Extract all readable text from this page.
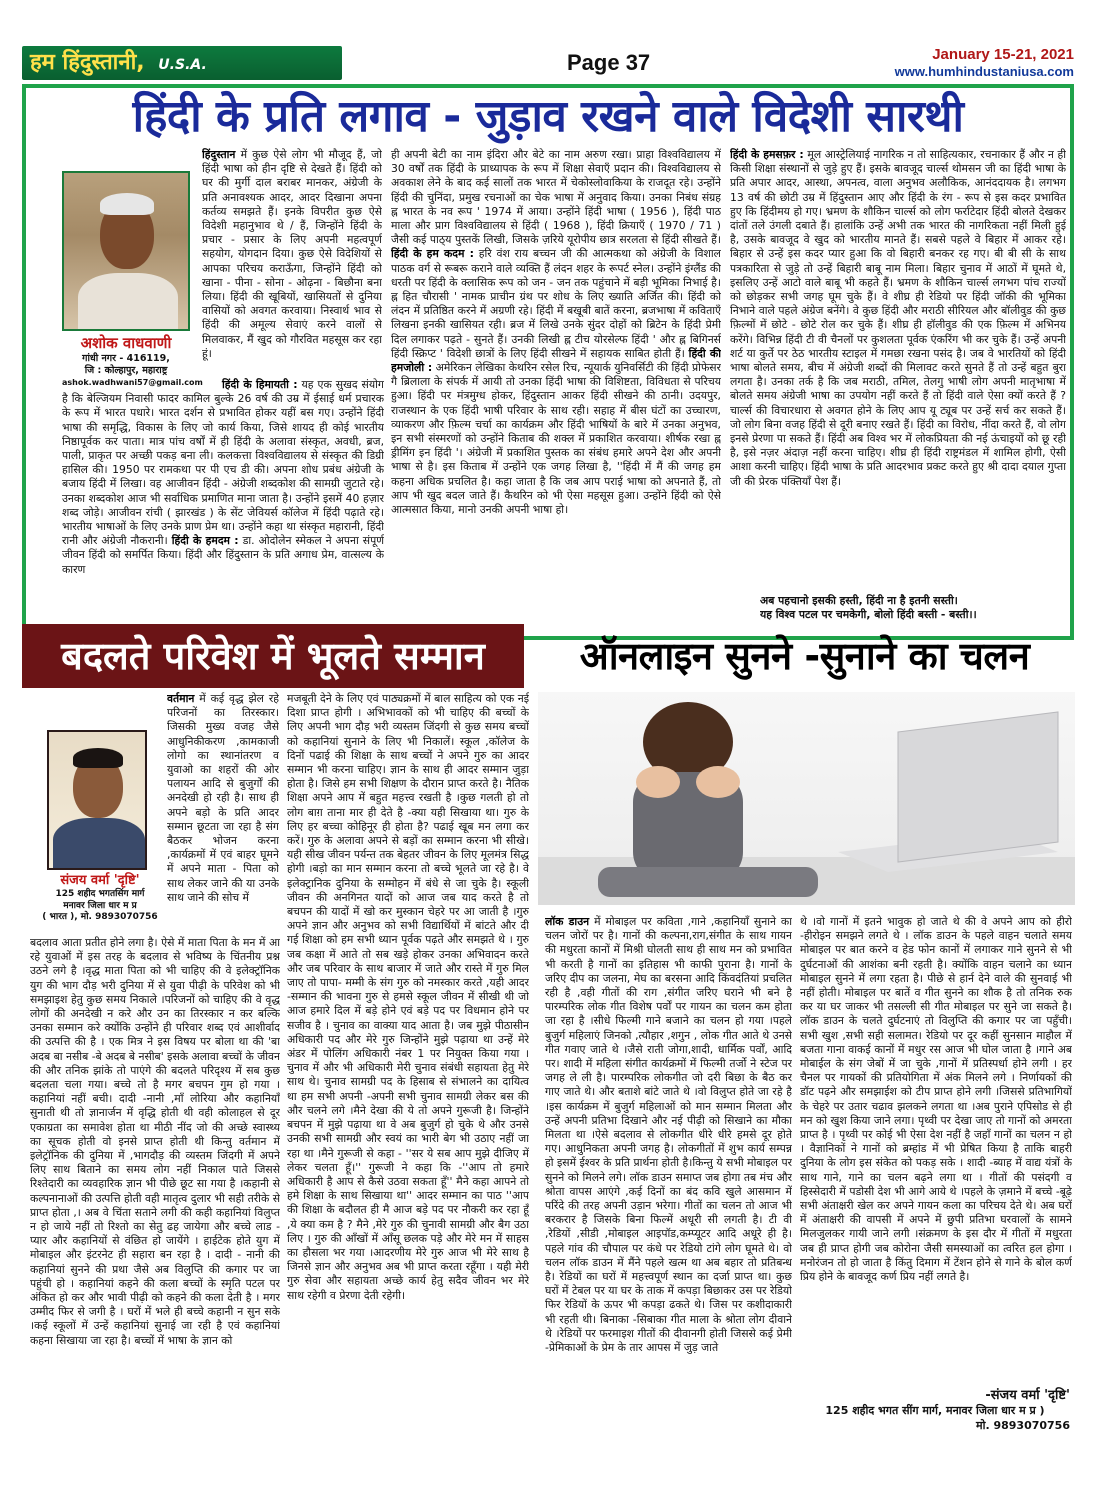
हम हिंदुस्तानी, U.S.A.	Page 37	January 15-21, 2021
www.humhindustaniusa.com
हिंदी के प्रति लगाव - जुड़ाव रखने वाले विदेशी सारथी
अशोक वाधवाणी
गांधी नगर - 416119,
जि : कोल्हापुर, महाराष्ट्र
ashok.wadhwani57@gmail.com
हिंदुस्तान में कुछ ऐसे लोग भी मौजूद हैं, जो हिंदी भाषा को हीन दृष्टि से देखते हैं। हिंदी को घर की मुर्गी दाल बराबर मानकर, अंग्रेजी के प्रति अनावश्यक आदर, आदर दिखाना अपना कर्तव्य समझते हैं। इनके विपरीत कुछ ऐसे विदेशी महानुभाव थे / हैं, जिन्होंने हिंदी के प्रचार - प्रसार के लिए अपनी महत्वपूर्ण सहयोग, योगदान दिया। कुछ ऐसे विदेशियों से आपका परिचय कराऊँगा, जिन्होंने हिंदी को खाना - पीना - सोना - ओढ़ना - बिछौना बना लिया। हिंदी की खूबियों, खासियतों से दुनिया वासियों को अवगत करवाया। निस्वार्थ भाव से हिंदी की अमूल्य सेवाएं करने वालों से मिलवाकर, मैं खुद को गौरवित महसूस कर रहा हूं।
हिंदी के हिमायती : यह एक सुखद संयोग है कि बेल्जियम निवासी फादर कामिल बुल्के 26 वर्ष की उम्र में ईसाई धर्म प्रचारक के रूप में भारत पधारे। भारत दर्शन से प्रभावित होकर यहीं बस गए। उन्होंने हिंदी भाषा की समृद्धि, विकास के लिए जो कार्य किया, जिसे शायद ही कोई भारतीय निष्ठापूर्वक कर पाता। मात्र पांच वर्षों में ही हिंदी के अलावा संस्कृत, अवधी, ब्रज, पाली, प्राकृत पर अच्छी पकड़ बना ली। कलकत्ता विश्वविद्यालय से संस्कृत की डिग्री हासिल की। 1950 पर रामकथा पर पी एच डी की। अपना शोध प्रबंध अंग्रेजी के बजाय हिंदी में लिखा। वह आजीवन हिंदी - अंग्रेजी शब्दकोश की सामग्री जुटाते रहे। उनका शब्दकोश आज भी सर्वाधिक प्रमाणित माना जाता है। उन्होंने इसमें 40 हज़ार शब्द जोड़े। आजीवन रांची ( झारखंड ) के सेंट जेवियर्स कॉलेज में हिंदी पढ़ाते रहे। भारतीय भाषाओं के लिए उनके प्राण प्रेम था। उन्होंने कहा था संस्कृत महारानी, हिंदी रानी और अंग्रेजी नौकरानी। हिंदी के हमदम : डा. ओदोलेन स्मेकल ने अपना संपूर्ण जीवन हिंदी को समर्पित किया। हिंदी और हिंदुस्तान के प्रति अगाध प्रेम, वात्सल्य के कारण
ही अपनी बेटी का नाम इंदिरा और बेटे का नाम अरुण रखा। प्राहा विश्वविद्यालय में 30 वर्षों तक हिंदी के प्राध्यापक के रूप में शिक्षा सेवाएँ प्रदान की। विश्वविद्यालय से अवकाश लेने के बाद कई सालों तक भारत में चेकोस्लोवाकिया के राजदूत रहे। उन्होंने हिंदी की चुनिंदा, प्रमुख रचनाओं का चेक भाषा में अनुवाद किया। उनका निबंध संग्रह ह्न भारत के नव रूप ' 1974 में आया। उन्होंने हिंदी भाषा ( 1956 ), हिंदी पाठ माला और प्राग विश्वविद्यालय से हिंदी ( 1968 ), हिंदी क्रियाएँ ( 1970 / 71 ) जैसी कई पाठ्‍य पुस्तकें लिखी, जिसके ज़रिये यूरोपीय छात्र सरलता से हिंदी सीखते हैं। हिंदी के हम कदम : हरि वंश राय बच्चन जी की आत्मकथा को अंग्रेजी के विशाल पाठक वर्ग से रूबरू कराने वाले व्यक्ति हैं लंदन शहर के रूपर्ट स्नेल। उन्होंने इंग्लैंड की धरती पर हिंदी के क्लासिक रूप को जन - जन तक पहुंचाने में बड़ी भूमिका निभाई है। ह्न हित चौरासी ' नामक प्राचीन ग्रंथ पर शोध के लिए ख्याति अर्जित की। हिंदी को लंदन में प्रतिष्ठित करने में अग्रणी रहे। हिंदी में बखूबी बातें करना, ब्रजभाषा में कविताएँ लिखना इनकी खासियत रही। ब्रज में लिखे उनके सुंदर दोहों को ब्रिटेन के हिंदी प्रेमी दिल लगाकर पढ़ते - सुनते हैं। उनकी लिखी ह्न टीच योरसेल्फ हिंदी ' और ह्न बिगिनर्स हिंदी स्क्रिप्ट ' विदेशी छात्रों के लिए हिंदी सीखने में सहायक साबित होती हैं। हिंदी की हमजोली : अमेरिकन लेखिका केथरिन रसेल रिच, न्यूयार्क युनिवर्सिटी की हिंदी प्रोफेसर गै ब्रिलाला के संपर्क में आयी तो उनका हिंदी भाषा की विशिष्टता, विविधता से परिचय हुआ। हिंदी पर मंत्रमुग्ध होकर, हिंदुस्तान आकर हिंदी सीखने की ठानी। उदयपुर, राजस्थान के एक हिंदी भाषी परिवार के साथ रही। सहाह में बीस घंटों का उच्चारण, व्याकरण और फ़िल्म चर्चा का कार्यक्रम और हिंदी भाषियों के बारे में उनका अनुभव, इन सभी संस्मरणों को उन्होंने किताब की शक्ल में प्रकाशित करवाया। शीर्षक रखा ह्न ड्रीमिंग इन हिंदी '। अंग्रेजी में प्रकाशित पुस्तक का संबंध हमारे अपने देश और अपनी भाषा से है। इस किताब में उन्होंने एक जगह लिखा है, ''हिंदी में मैं की जगह हम कहना अधिक प्रचलित है। कहा जाता है कि जब आप पराई भाषा को अपनाते हैं, तो आप भी खुद बदल जाते हैं। कैथरिन को भी ऐसा महसूस हुआ। उन्होंने हिंदी को ऐसे आत्मसात किया, मानो उनकी अपनी भाषा हो।
हिंदी के हमसफ़र : मूल आस्ट्रेलियाई नागरिक न तो साहित्यकार, रचनाकार हैं और न ही किसी शिक्षा संस्थानों से जुड़े हुए हैं। इसके बावजूद चार्ल्स थोमसन जी का हिंदी भाषा के प्रति अपार आदर, आस्था, अपनत्व, वाला अनुभव अलौकिक, आनंददायक है। लगभग 13 वर्ष की छोटी उम्र में हिंदुस्तान आए और हिंदी के रंग - रूप से इस कदर प्रभावित हुए कि हिंदीमय हो गए। भ्रमण के शौकिन चार्ल्स को लोग फर्राटेदार हिंदी बोलते देखकर दांतों तले उंगली दबाते हैं। हालांकि उन्हें अभी तक भारत की नागरिकता नहीं मिली हुई है, उसके बावजूद वे खुद को भारतीय मानते हैं। सबसे पहले वे बिहार में आकर रहे। बिहार से उन्हें इस कदर प्यार हुआ कि वो बिहारी बनकर रह गए। बी बी सी के साथ पत्रकारिता से जुड़े तो उन्हें बिहारी बाबू नाम मिला। बिहार चुनाव में आठों में घूमते थे, इसलिए उन्हें आटो वाले बाबू भी कहते हैं। भ्रमण के शौकिन चार्ल्स लगभग पांच राज्यों को छोड़कर सभी जगह घूम चुके हैं। वे शीघ्र ही रेडियो पर हिंदी जॉकी की भूमिका निभाने वाले पहले अंग्रेज बनेंगे। वे कुछ हिंदी और मराठी सीरियल और बॉलीवुड की कुछ फ़िल्मों में छोटे - छोटे रोल कर चुके हैं। शीघ्र ही हॉलीवुड की एक फ़िल्म में अभिनय करेंगे। विभिन्न हिंदी टी वी चैनलों पर कुशलता पूर्वक एंकरिंग भी कर चुके हैं। उन्हें अपनी शर्ट या कुर्ते पर ठेठ भारतीय स्टाइल में गमछा रखना पसंद है। जब वे भारतियों को हिंदी भाषा बोलते समय, बीच में अंग्रेजी शब्दों की मिलावट करते सुनते हैं तो उन्हें बहुत बुरा लगता है। उनका तर्क है कि जब मराठी, तमिल, तेलगु भाषी लोग अपनी मातृभाषा में बोलते समय अंग्रेजी भाषा का उपयोग नहीं करते हैं तो हिंदी वाले ऐसा क्यों करते हैं ? चार्ल्स की विचारधारा से अवगत होने के लिए आप यू ट्यूब पर उन्हें सर्च कर सकते हैं। जो लोग बिना वजह हिंदी से दूरी बनाए रखते हैं। हिंदी का विरोध, नींदा करते हैं, वो लोग इनसे प्रेरणा पा सकते हैं। हिंदी अब विश्व भर में लोकप्रियता की नई ऊंचाइयों को छू रही है, इसे नज़र अंदाज़ नहीं करना चाहिए। शीघ्र ही हिंदी राष्ट्रमंडल में शामिल होगी, ऐसी आशा करनी चाहिए। हिंदी भाषा के प्रति आदरभाव प्रकट करते हुए श्री दादा दयाल गुप्ता जी की प्रेरक पंक्तियाँ पेश हैं।
अब पहचानो इसकी हस्ती, हिंदी ना है इतनी सस्ती।
यह विश्व पटल पर चमकेगी, बोलो हिंदी बस्ती - बस्ती।।
बदलते परिवेश में भूलते सम्मान
संजय वर्मा 'दृष्टि'
125 शहीद भगतसिंग मार्ग
मनावर जिला धार म प्र
( भारत ), मो. 9893070756
वर्तमान में कई वृद्ध झेल रहे परिजनों का तिरस्कार। जिसकी मुख्य वजह जैसे आधुनिकीकरण ,कामकाजी लोगो का स्थानांतरण व युवाओ का शहरों की ओर पलायन आदि से बुजुर्गों की अनदेखी हो रही है। साथ ही अपने बड़ो के प्रति आदर सम्मान छूटता जा रहा है संग बैठकर भोजन करना ,कार्यक्रमों में एवं बाहर घूमने में अपने माता - पिता को साथ लेकर जाने की या उनके साथ जाने की सोच में
बदलाव आता प्रतीत होने लगा है। ऐसे में माता पिता के मन में आ रहे युवाओं में इस तरह के बदलाव से भविष्य के चिंतनीय प्रश्न उठने लगे है ।वृद्ध माता पिता को भी चाहिए की वे इलेक्ट्रॉनिक युग की भाग दौड़ भरी दुनिया में से युवा पीढ़ी के परिवेश को भी समझाइश हेतु कुछ समय निकाले ।परिजनों को चाहिए की वे वृद्ध लोगों की अनदेखी न करे और उन का तिरस्कार न कर बल्कि उनका सम्मान करे क्योंकि उन्होंने ही परिवार शब्द एवं आशीर्वाद की उत्पत्ति की है । एक मित्र ने इस विषय पर बोला था की 'बा अदब बा नसीब -बे अदब बे नसीब' इसके अलावा बच्चों के जीवन की और तनिक झांके तो पाएंगे की बदलते परिदृश्य में सब कुछ बदलता चला गया। बच्चे तो है मगर बचपन गुम हो गया ।कहानियां नहीं बची। दादी -नानी ,माँ लोरिया और कहानियाँ सुनाती थी तो ज्ञानार्जन में वृद्धि होती थी वही कोलाहल से दूर एकाग्रता का समावेश होता था मीठी नींद जो की अच्छे स्वास्थ्य का सूचक होती वो इनसे प्राप्त होती थी किन्तु वर्तमान में इलेट्रॉनिक की दुनिया में ,भागदौड़ की व्यस्तम जिंदगी में अपने लिए साथ बिताने का समय लोग नहीं निकाल पाते जिससे रिश्तेदारी का व्यवहारिक ज्ञान भी पीछे छूट सा गया है ।कहानी से कल्पनानाओं की उत्पत्ति होती वही मातृत्व दुलार भी सही तरीके से प्राप्त होता ,। अब वे चिंता सताने लगी की कही कहानियां विलुप्त न हो जाये नहीं तो रिश्तो का सेतु ढह जायेगा और बच्चे लाड - प्यार और कहानियों से वंछित हो जायेंगे । हाईटेक होते युग में मोबाइल और इंटरनेट ही सहारा बन रहा है । दादी - नानी की कहानियां सुनने की प्रथा जैसे अब विलुप्ति की कगार पर जा पहुंची हो । कहानियां कहने की कला बच्चों के स्मृति पटल पर अंकित हो कर और भावी पीढ़ी को कहने की कला देती है । मगर उम्मीद फिर से जगी है । घरों में भले ही बच्चे कहानी न सुन सके ।कई स्कूलों में उन्हें कहानियां सुनाई जा रही है एवं कहानियां कहना सिखाया जा रहा है। बच्चों में भाषा के ज्ञान को
मजबूती देने के लिए एवं पाठ्यक्रमों में बाल साहित्य को एक नई दिशा प्राप्त होगी । अभिभावकों को भी चाहिए की बच्चों के लिए अपनी भाग दौड़ भरी व्यस्तम जिंदगी से कुछ समय बच्चों को कहानियां सुनाने के लिए भी निकालें। स्कूल ,कॉलेज के दिनों पढाई की शिक्षा के साथ बच्चों ने अपने गुरु का आदर सम्मान भी करना चाहिए। ज्ञान के साथ ही आदर सम्मान जुड़ा होता है। जिसे हम सभी शिक्षण के दौरान प्राप्त करते है। नैतिक शिक्षा अपने आप में बहुत महत्त्व रखती है ।कुछ गलती हो तो लोग बाग़ ताना मार ही देते है -क्या यही सिखाया था। गुरु के लिए हर बच्चा कोहिनूर ही होता है? पढाई खूब मन लगा कर करें। गुरु के अलावा अपने से बड़ों का सम्मान करना भी सीखे। यही सीख जीवन पर्यन्त तक बेहतर जीवन के लिए मूलमंत्र सिद्ध होगी ।बड़ो का मान सम्मान करना तो बच्चे भूलते जा रहे है। वे इलेक्ट्रानिक दुनिया के सम्मोहन में बंधे से जा चुके है। स्कूली जीवन की अनगिनत यादों को आज जब याद करते है तो बचपन की यादों में खो कर मुस्कान चेहरे पर आ जाती है ।गुरु अपने ज्ञान और अनुभव को सभी विद्यार्थियों में बांटते और दी गई शिक्षा को हम सभी ध्यान पूर्वक पढ़ते और समझते थे । गुरु जब कक्षा में आते तो सब खड़े होकर उनका अभिवादन करते और जब परिवार के साथ बाजार में जाते और रास्ते में गुरु मिल जाए तो पापा- मम्मी के संग गुरु को नमस्कार करते ,यही आदर -सम्मान की भावना गुरु से हमसे स्कूल जीवन में सीखी थी जो आज हमारे दिल में बड़े होने एवं बड़े पद पर विधमान होने पर सजीव है । चुनाव का वाक्या याद आता है। जब मुझे पीठासीन अधिकारी पद और मेरे गुरु जिन्होंने मुझे पढ़ाया था उन्हें मेरे अंडर में पोलिंग अधिकारी नंबर 1 पर नियुक्त किया गया ।चुनाव में और भी अधिकारी मेरी चुनाव संबंधी सहायता हेतु मेरे साथ थे। चुनाव सामग्री पद के हिसाब से संभालने का दायित्व था हम सभी अपनी -अपनी सभी चुनाव सामग्री लेकर बस की और चलने लगे ।मैने देखा की ये तो अपने गुरूजी है। जिन्होंने बचपन में मुझे पढ़ाया था वे अब बुजुर्ग हो चुके थे और उनसे उनकी सभी सामग्री और स्वयं का भारी बेग भी उठाए नहीं जा रहा था ।मैने गुरूजी से कहा - ''सर ये सब आप मुझे दीजिए में लेकर चलता हूँ।'' गुरूजी ने कहा कि -''आप तो हमारे अधिकारी है आप से कैसे उठवा सकता हूँ'' मैने कहा आपने तो हमे शिक्षा के साथ सिखाया था'' आदर सम्मान का पाठ ''आप की शिक्षा के बदौलत ही मै आज बड़े पद पर नौकरी कर रहा हूँ ,ये क्या कम है ? मैने ,मेरे गुरु की चुनावी सामग्री और बैग उठा लिए । गुरु की आँखों में आँसू छलक पड़े और मेरे मन में साहस का हौसला भर गया ।आदरणीय मेरे गुरु आज भी मेरे साथ है जिनसे ज्ञान और अनुभव अब भी प्राप्त करता रहूँगा । यही मेरी गुरु सेवा और सहायता अच्छे कार्य हेतु सदैव जीवन भर मेरे साथ रहेगी व प्रेरणा देती रहेगी।
ऑनलाइन सुनने -सुनाने का चलन
लॉक डाउन में मोबाइल पर कविता ,गाने ,कहानियाँ सुनाने का चलन जोरों पर है। गानों की कल्पना,राग,संगीत के साथ गायन की मधुरता कानों में मिश्री घोलती साथ ही साथ मन को प्रभावित भी करती है गानों का इतिहास भी काफी पुराना है। गानों के जरिए दीप का जलना, मेघ का बरसना आदि किंवदंतियां प्रचलित रही है ,वही गीतों की राग ,संगीत जरिए घराने भी बने है पारम्परिक लोक गीत विशेष पर्वों पर गायन का चलन कम होता जा रहा है ।सीधे फिल्मी गाने बजाने का चलन हो गया ।पहले बुजुर्ग महिलाएं जिनको ,त्यौहार ,शगुन , लोक गीत आते थे उनसे गीत गवाए जाते थे ।जैसे राती जोगा,शादी, धार्मिक पर्वों, आदि पर। शादी में महिला संगीत कार्यक्रमों में फिल्मी तर्जो ने स्टेज पर जगह ले ली है। पारम्परिक लोकगीत जो दरी बिछा के बैठ कर गाए जाते थे। और बताशे बांटे जाते थे ।वो विलुप्त होते जा रहे है ।इस कार्यक्रम में बुजुर्ग महिलाओं को मान सम्मान मिलता और उन्हें अपनी प्रतिभा दिखाने और नई पीढ़ी को सिखाने का मौका मिलता था ।ऐसे बदलाव से लोकगीत धीरे धीरे हमसे दूर होते गए। आधुनिकता अपनी जगह है। लोकगीतों में शुभ कार्य सम्पन्न हो इसमें ईश्वर के प्रति प्रार्थना होती है।किन्तु ये सभी मोबाइल पर सुनने को मिलने लगे। लॉक डाउन समाप्त जब होगा तब मंच और श्रोता वापस आएंगे ,कई दिनों का बंद कवि खुले आसमान में परिंदे की तरह अपनी उड़ान भरेगा। गीतों का चलन तो आज भी बरकरार है जिसके बिना फिल्में अधूरी सी लगती है। टी वी ,रेडियों ,सीडी ,मोबाइल आइपॉड,कम्प्यूटर आदि अधूरे ही है। पहले गांव की चौपाल पर कंधे पर रेडियो टांगे लोग घूमते थे। वो चलन लॉक डाउन में मैंने पहले खत्म था अब बहार तो प्रतिबन्ध है। रेडियों का घरों में महत्त्वपूर्ण स्थान का दर्जा प्राप्त था। कुछ घरों में टेबल पर या घर के ताक में कपड़ा बिछाकर उस पर रेडियो फिर रेडियों के ऊपर भी कपड़ा ढकते थे। जिस पर कशीदाकारी भी रहती थी। बिनाका -सिबाका गीत माला के श्रोता लोग दीवाने थे ।रेडियों पर फरमाइश गीतों की दीवानगी होती जिससे कई प्रेमी -प्रेमिकाओं के प्रेम के तार आपस में जुड़ जाते
थे ।वो गानों में इतने भावुक हो जाते थे की वे अपने आप को हीरो -हीरोइन समझने लगते थे । लॉक डाउन के पहले वाहन चलाते समय मोबाइल पर बात करने व हेड फोन कानों में लगाकर गाने सुनने से भी दुर्घटनाओं की आशंका बनी रहती है। क्योंकि वाहन चलाने का ध्यान मोबाइल सुनने में लगा रहता है। पीछे से हार्न देने वाले की सुनवाई भी नहीं होती। मोबाइल पर बातें व गीत सुनने का शौक है तो तनिक रुक कर या घर जाकर भी तसल्ली सी गीत मोबाइल पर सुने जा सकते है।लॉक डाउन के चलते दुर्घटनाएं तो विलुप्ति की कगार पर जा पहुँची। सभी खुश ,सभी सही सलामत। रेडियो पर दूर कहीं सुनसान माहौल में बजता गाना वाकई कानों में मधुर रस आज भी घोल जाता है ।गाने अब मोबाईल के संग जेबों में जा चुके ,गानों में प्रतिस्पर्धा होने लगी । हर चैनल पर गायकों की प्रतियोगिता में अंक मिलने लगे । निर्णायकों की डॉट पढ़ने और समझाईश को टीप प्राप्त होने लगी ।जिससे प्रतिभागियों के चेहरे पर उतार चढाव झलकने लगता था ।अब पुराने एपिसोड से ही मन को खुश किया जाने लगा। पृथ्वी पर देखा जाए तो गानों को अमरता प्राप्त है । पृथ्वी पर कोई भी ऐसा देश नहीं है जहाँ गानों का चलन न हो । वैज्ञानिकों ने गानों को ब्रम्हांड में भी प्रेषित किया है ताकि बाहरी दुनिया के लोग इस संकेत को पकड़ सके । शादी -ब्याह में वाद्य यंत्रों के साथ गाने, गाने का चलन बढ़ने लगा था । गीतों की पसंदगी व हिस्सेदारी में पडोसी देश भी आगे आये थे ।पहले के ज़माने में बच्चे -बूढ़े सभी अंताक्षरी खेल कर अपने गायन कला का परिचय देते थे। अब घरों में अंताक्षरी की वापसी में अपने में छुपी प्रतिभा घरवालों के सामने मिलजुलकर गायी जाने लगी ।संक्रमण के इस दौर में गीतों में मधुरता जब ही प्राप्त होगी जब कोरोना जैसी समस्याओं का त्वरित हल होगा ।मनोरंजन तो हो जाता है किंतु दिमाग में टेंशन होने से गाने के बोल कर्ण प्रिय होने के बावजूद कर्ण प्रिय नहीं लगते है।
-संजय वर्मा 'दृष्टि'
125 शहीद भगत सींग मार्ग, मनावर जिला धार म प्र )
मो. 9893070756
